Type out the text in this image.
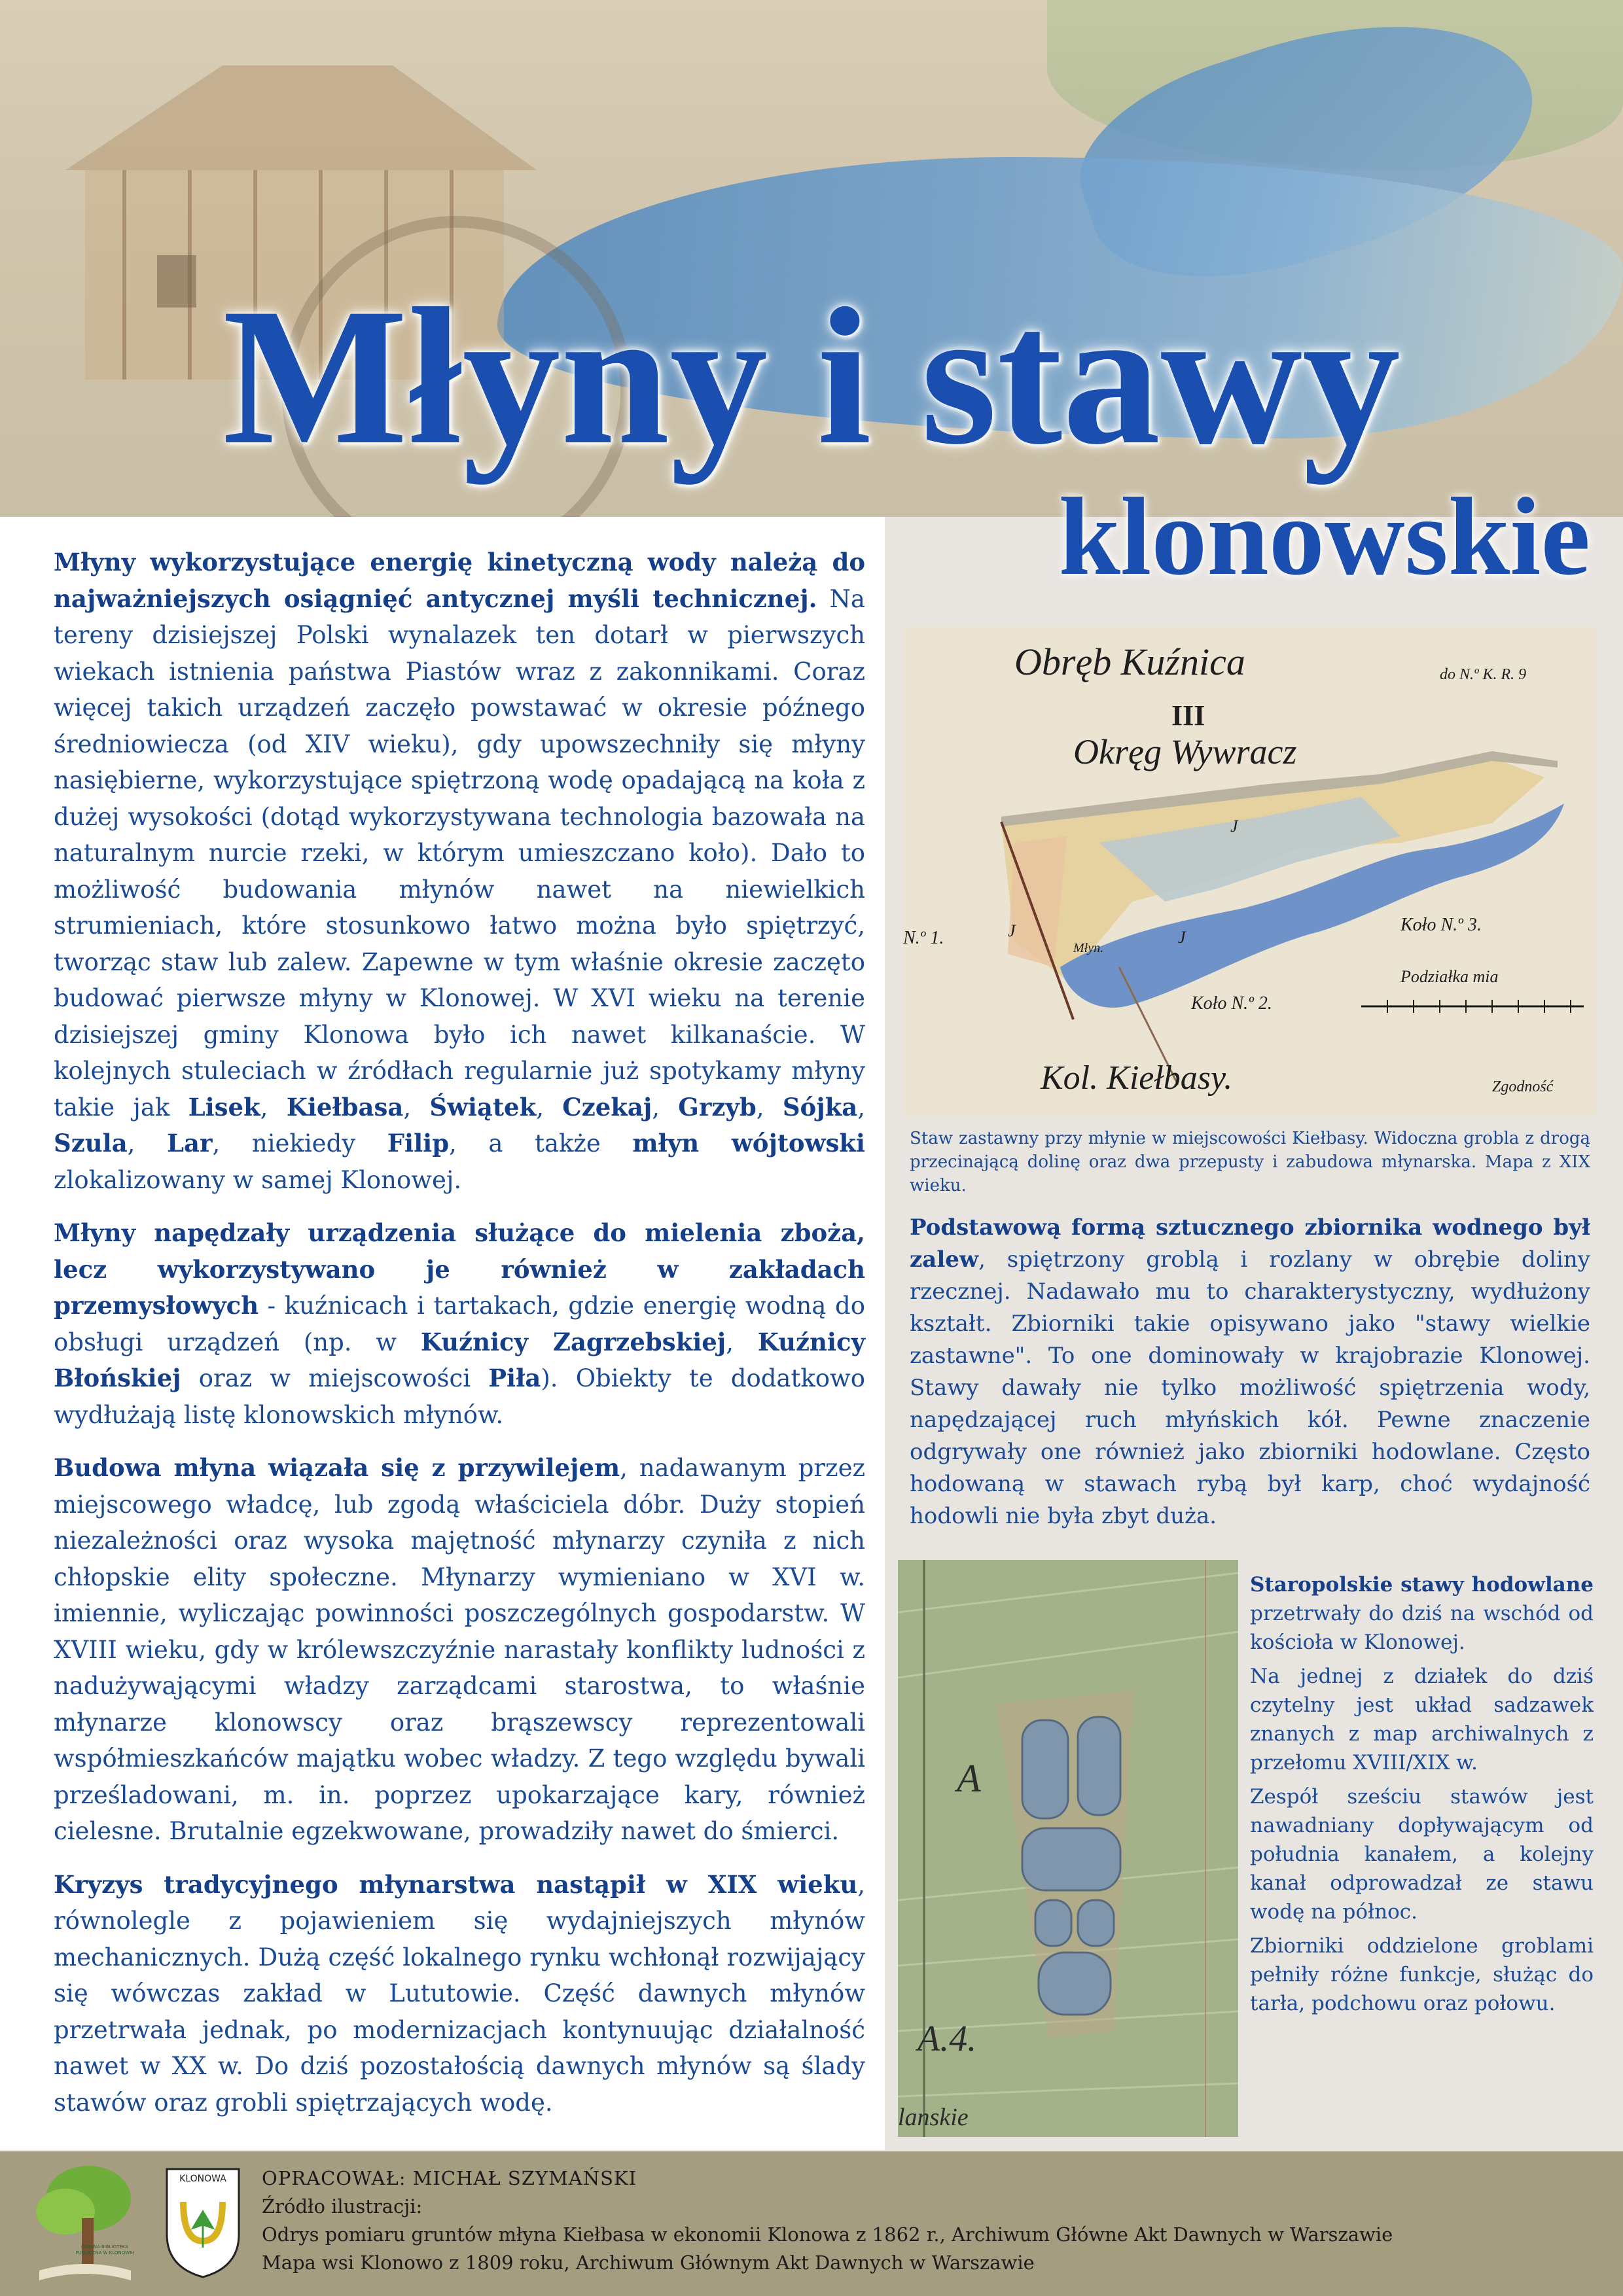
Młyny i stawy
klonowskie

Młyny wykorzystujące energię kinetyczną wody należą do najważniejszych osiągnięć antycznej myśli technicznej. Na tereny dzisiejszej Polski wynalazek ten dotarł w pierwszych wiekach istnienia państwa Piastów wraz z zakonnikami. Coraz więcej takich urządzeń zaczęło powstawać w okresie późnego średniowiecza (od XIV wieku), gdy upowszechniły się młyny nasiębierne, wykorzystujące spiętrzoną wodę opadającą na koła z dużej wysokości (dotąd wykorzystywana technologia bazowała na naturalnym nurcie rzeki, w którym umieszczano koło). Dało to możliwość budowania młynów nawet na niewielkich strumieniach, które stosunkowo łatwo można było spiętrzyć, tworząc staw lub zalew. Zapewne w tym właśnie okresie zaczęto budować pierwsze młyny w Klonowej. W XVI wieku na terenie dzisiejszej gminy Klonowa było ich nawet kilkanaście. W kolejnych stuleciach w źródłach regularnie już spotykamy młyny takie jak Lisek, Kiełbasa, Świątek, Czekaj, Grzyb, Sójka, Szula, Lar, niekiedy Filip, a także młyn wójtowski zlokalizowany w samej Klonowej.

Młyny napędzały urządzenia służące do mielenia zboża, lecz wykorzystywano je również w zakładach przemysłowych - kuźnicach i tartakach, gdzie energię wodną do obsługi urządzeń (np. w Kuźnicy Zagrzebskiej, Kuźnicy Błońskiej oraz w miejscowości Piła). Obiekty te dodatkowo wydłużają listę klonowskich młynów.

Budowa młyna wiązała się z przywilejem, nadawanym przez miejscowego władcę, lub zgodą właściciela dóbr. Duży stopień niezależności oraz wysoka majętność młynarzy czyniła z nich chłopskie elity społeczne. Młynarzy wymieniano w XVI w. imiennie, wyliczając powinności poszczególnych gospodarstw. W XVIII wieku, gdy w królewszczyźnie narastały konflikty ludności z nadużywającymi władzy zarządcami starostwa, to właśnie młynarze klonowscy oraz brąszewscy reprezentowali współmieszkańców majątku wobec władzy. Z tego względu bywali prześladowani, m. in. poprzez upokarzające kary, również cielesne. Brutalnie egzekwowane, prowadziły nawet do śmierci.

Kryzys tradycyjnego młynarstwa nastąpił w XIX wieku, równolegle z pojawieniem się wydajniejszych młynów mechanicznych. Dużą część lokalnego rynku wchłonął rozwijający się wówczas zakład w Lututowie. Część dawnych młynów przetrwała jednak, po modernizacjach kontynuując działalność nawet w XX w. Do dziś pozostałością dawnych młynów są ślady stawów oraz grobli spiętrzających wodę.

Obręb Kuźnica
III
Okręg Wywracz
do N.º K. R. 9
Koło N.º 3.
Koło N.º 2.
N.º 1.	Młyn.
J	J
J
Podziałka mia
Kol. Kiełbasy.	Zgodność
Staw zastawny przy młynie w miejscowości Kiełbasy. Widoczna grobla z drogą przecinającą dolinę oraz dwa przepusty i zabudowa młynarska. Mapa z XIX wieku.

Podstawową formą sztucznego zbiornika wodnego był zalew, spiętrzony groblą i rozlany w obrębie doliny rzecznej. Nadawało mu to charakterystyczny, wydłużony kształt. Zbiorniki takie opisywano jako "stawy wielkie zastawne". To one dominowały w krajobrazie Klonowej. Stawy dawały nie tylko możliwość spiętrzenia wody, napędzającej ruch młyńskich kół. Pewne znaczenie odgrywały one również jako zbiorniki hodowlane. Często hodowaną w stawach rybą był karp, choć wydajność hodowli nie była zbyt duża.

A
A.4.
lanskie

Staropolskie stawy hodowlane przetrwały do dziś na wschód od kościoła w Klonowej.

Na jednej z działek do dziś czytelny jest układ sadzawek znanych z map archiwalnych z przełomu XVIII/XIX w.

Zespół sześciu stawów jest nawadniany dopływającym od południa kanałem, a kolejny kanał odprowadzał ze stawu wodę na północ.

Zbiorniki oddzielone groblami pełniły różne funkcje, służąc do tarła, podchowu oraz połowu.

GMINNA BIBLIOTEKA PUBLICZNA W KLONOWEJ
KLONOWA	OPRACOWAŁ: MICHAŁ SZYMAŃSKI
Źródło ilustracji:
Odrys pomiaru gruntów młyna Kiełbasa w ekonomii Klonowa z 1862 r., Archiwum Główne Akt Dawnych w Warszawie
Mapa wsi Klonowo z 1809 roku, Archiwum Głównym Akt Dawnych w Warszawie
